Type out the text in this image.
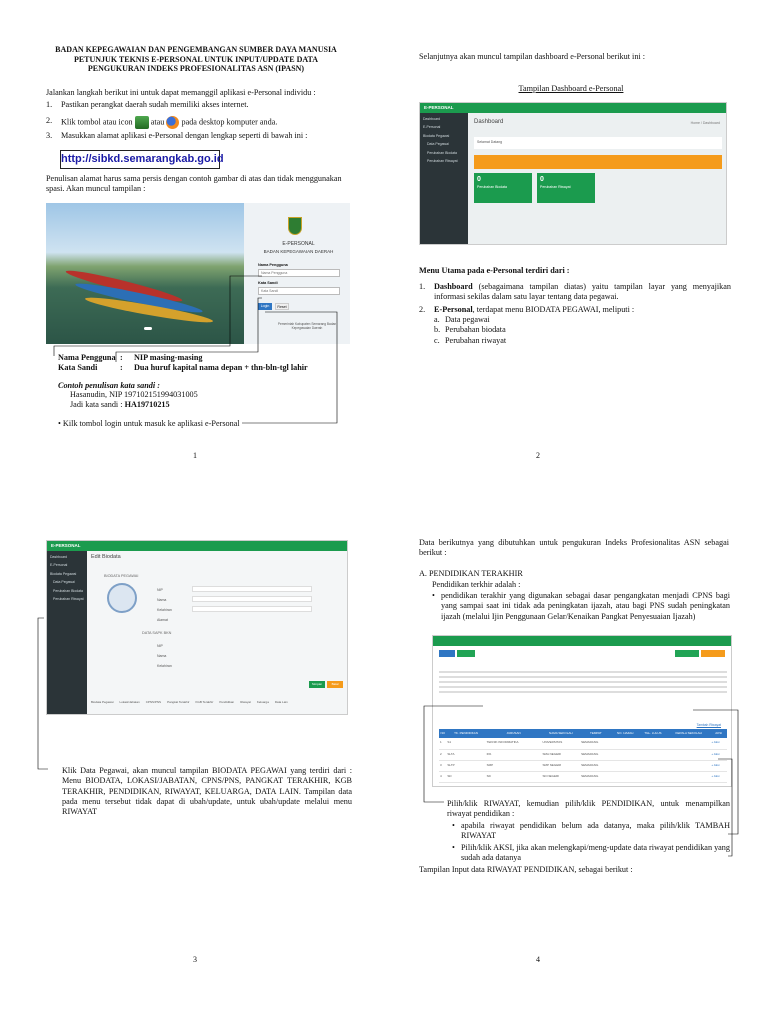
BADAN KEPEGAWAIAN DAN PENGEMBANGAN SUMBER DAYA MANUSIA PETUNJUK TEKNIS E-PERSONAL UNTUK INPUT/UPDATE DATA PENGUKURAN INDEKS PROFESIONALITAS ASN (IPASN)
Jalankan langkah berikut ini untuk dapat memanggil aplikasi e-Personal individu :
1. Pastikan perangkat daerah sudah memiliki akses internet.
2. Klik tombol atau icon atau pada desktop komputer anda.
3. Masukkan alamat aplikasi e-Personal dengan lengkap seperti di bawah ini :
http://sibkd.semarangkab.go.id
Penulisan alamat harus sama persis dengan contoh gambar di atas dan tidak menggunakan spasi. Akan muncul tampilan :
E-PERSONAL
BADAN KEPEGAWAIAN DAERAH
Nama Pengguna
Nama Pengguna
Kata Sandi
Kata Sandi
Login	Reset
Pemerintah Kabupaten Semarang Badan Kepegawaian Daerah
Nama Pengguna :	NIP masing-masing
Kata Sandi	:	Dua huruf kapital nama depan + thn-bln-tgl lahir
Contoh penulisan kata sandi :
Hasanudin, NIP 197102151994031005
Jadi kata sandi : HA19710215
• Kilk tombol login untuk masuk ke aplikasi e-Personal
1
Selanjutnya akan muncul tampilan dashboard e-Personal berikut ini :
Tampilan Dashboard e-Personal
E-PERSONAL
Dashboard
E-Personal
Biodata Pegawai
Data Pegawai
Perubahan Biodata
Perubahan Riwayat
Dashboard	Home / Dashboard
Selamat Datang
0
Perubahan Biodata
0
Perubahan Riwayat
Menu Utama pada e-Personal terdiri dari :
1. Dashboard (sebagaimana tampilan diatas) yaitu tampilan layar yang menyajikan informasi sekilas dalam satu layar tentang data pegawai.
2. E-Personal, terdapat menu BIODATA PEGAWAI, meliputi :
a. Data pegawai
b. Perubahan biodata
c. Perubahan riwayat
2
E-PERSONAL
Dashboard
E-Personal
Biodata Pegawai
Data Pegawai
Perubahan Biodata
Perubahan Riwayat
Edit Biodata
BIODATA PEGAWAI
NIP
Nama
Kelahiran
Alamat
DATA SAPK BKN
NIP
Nama
Kelahiran
Simpan	Batal
Biodata Pegawai Lokasi/Jabatan CPNS/PNS Pangkat Terakhir KGB Terakhir Pendidikan Riwayat Keluarga Data Lain
Klik Data Pegawai, akan muncul tampilan BIODATA PEGAWAI yang terdiri dari : Menu BIODATA, LOKASI/JABATAN, CPNS/PNS, PANGKAT TERAKHIR, KGB TERAKHIR, PENDIDIKAN, RIWAYAT, KELUARGA, DATA LAIN. Tampilan data pada menu tersebut tidak dapat di ubah/update, untuk ubah/update melalui menu RIWAYAT
3
Data berikutnya yang dibutuhkan untuk pengukuran Indeks Profesionalitas ASN sebagai berikut :
A. PENDIDIKAN TERAKHIR
Pendidikan terkhir adalah :
• pendidikan terakhir yang digunakan sebagai dasar pengangkatan menjadi CPNS bagi yang sampai saat ini tidak ada peningkatan ijazah, atau bagi PNS sudah peningkatan ijazah (melalui Ijin Penggunaan Gelar/Kenaikan Pangkat Penyesuaian Ijazah)
Tambah Riwayat
NO	TK. PENDIDIKAN	JURUSAN	NAMA SEKOLAH	TEMPAT	NO. IJAZAH	TGL. LULUS	KEPALA SEKOLAH	AKSI
1	S1	TEKNIK INFORMATIKA	UNIVERSITAS	SEMARANG				+ Aksi
2	SLTA	IPA	SMA NEGERI	SEMARANG				+ Aksi
3	SLTP	SMP	SMP NEGERI	SEMARANG				+ Aksi
4	SD	SD	SD NEGERI	SEMARANG				+ Aksi
Pilih/klik RIWAYAT, kemudian pilih/klik PENDIDIKAN, untuk menampilkan riwayat pendidikan :
• apabila riwayat pendidikan belum ada datanya, maka pilih/klik TAMBAH RIWAYAT
• Pilih/klik AKSI, jika akan melengkapi/meng-update data riwayat pendidikan yang sudah ada datanya
Tampilan Input data RIWAYAT PENDIDIKAN, sebagai berikut :
4
